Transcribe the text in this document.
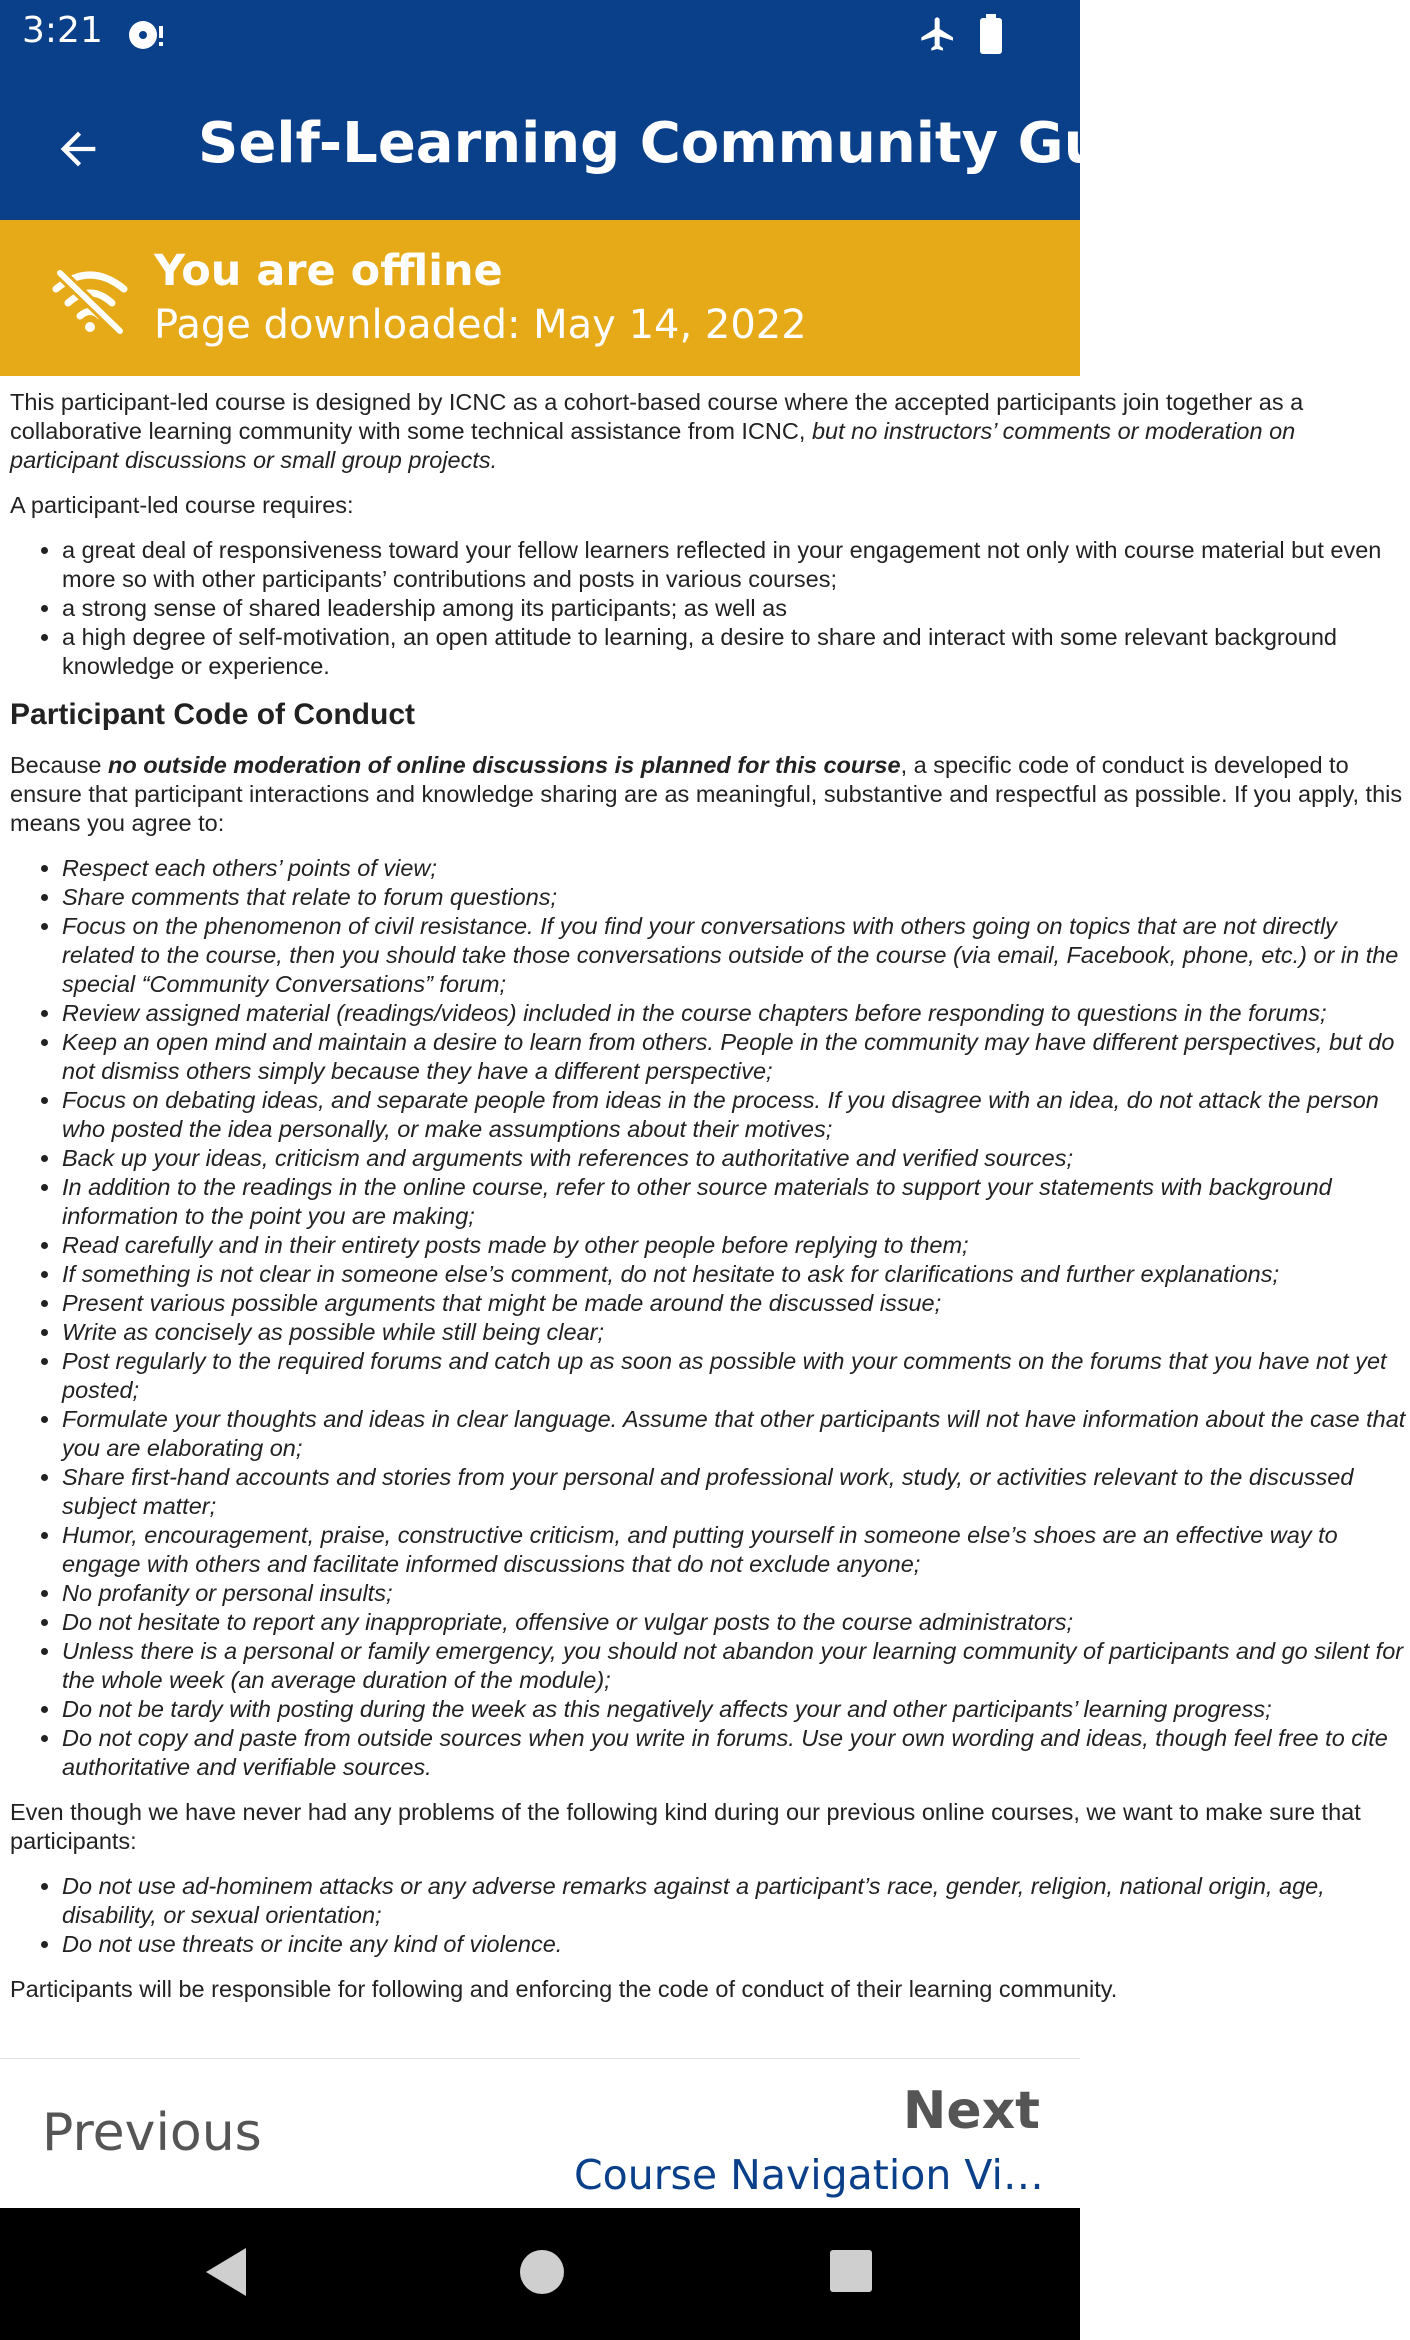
3:21
Self-Learning Community Guid…
You are offline
Page downloaded: May 14, 2022

This participant-led course is designed by ICNC as a cohort-based course where the accepted participants join together as a collaborative learning community with some technical assistance from ICNC, but no instructors’ comments or moderation on participant discussions or small group projects.

A participant-led course requires:

• a great deal of responsiveness toward your fellow learners reflected in your engagement not only with course material but even more so with other participants’ contributions and posts in various courses;
• a strong sense of shared leadership among its participants; as well as
• a high degree of self-motivation, an open attitude to learning, a desire to share and interact with some relevant background knowledge or experience.
Participant Code of Conduct

Because no outside moderation of online discussions is planned for this course, a specific code of conduct is developed to ensure that participant interactions and knowledge sharing are as meaningful, substantive and respectful as possible. If you apply, this means you agree to:

• Respect each others’ points of view;
• Share comments that relate to forum questions;
• Focus on the phenomenon of civil resistance. If you find your conversations with others going on topics that are not directly related to the course, then you should take those conversations outside of the course (via email, Facebook, phone, etc.) or in the special “Community Conversations” forum;
• Review assigned material (readings/videos) included in the course chapters before responding to questions in the forums;
• Keep an open mind and maintain a desire to learn from others. People in the community may have different perspectives, but do not dismiss others simply because they have a different perspective;
• Focus on debating ideas, and separate people from ideas in the process. If you disagree with an idea, do not attack the person who posted the idea personally, or make assumptions about their motives;
• Back up your ideas, criticism and arguments with references to authoritative and verified sources;
• In addition to the readings in the online course, refer to other source materials to support your statements with background information to the point you are making;
• Read carefully and in their entirety posts made by other people before replying to them;
• If something is not clear in someone else’s comment, do not hesitate to ask for clarifications and further explanations;
• Present various possible arguments that might be made around the discussed issue;
• Write as concisely as possible while still being clear;
• Post regularly to the required forums and catch up as soon as possible with your comments on the forums that you have not yet posted;
• Formulate your thoughts and ideas in clear language. Assume that other participants will not have information about the case that you are elaborating on;
• Share first-hand accounts and stories from your personal and professional work, study, or activities relevant to the discussed subject matter;
• Humor, encouragement, praise, constructive criticism, and putting yourself in someone else’s shoes are an effective way to engage with others and facilitate informed discussions that do not exclude anyone;
• No profanity or personal insults;
• Do not hesitate to report any inappropriate, offensive or vulgar posts to the course administrators;
• Unless there is a personal or family emergency, you should not abandon your learning community of participants and go silent for the whole week (an average duration of the module);
• Do not be tardy with posting during the week as this negatively affects your and other participants’ learning progress;
• Do not copy and paste from outside sources when you write in forums. Use your own wording and ideas, though feel free to cite authoritative and verifiable sources.

Even though we have never had any problems of the following kind during our previous online courses, we want to make sure that participants:

• Do not use ad-hominem attacks or any adverse remarks against a participant’s race, gender, religion, national origin, age, disability, or sexual orientation;
• Do not use threats or incite any kind of violence.

Participants will be responsible for following and enforcing the code of conduct of their learning community.

Previous	Next
Course Navigation Vi…
